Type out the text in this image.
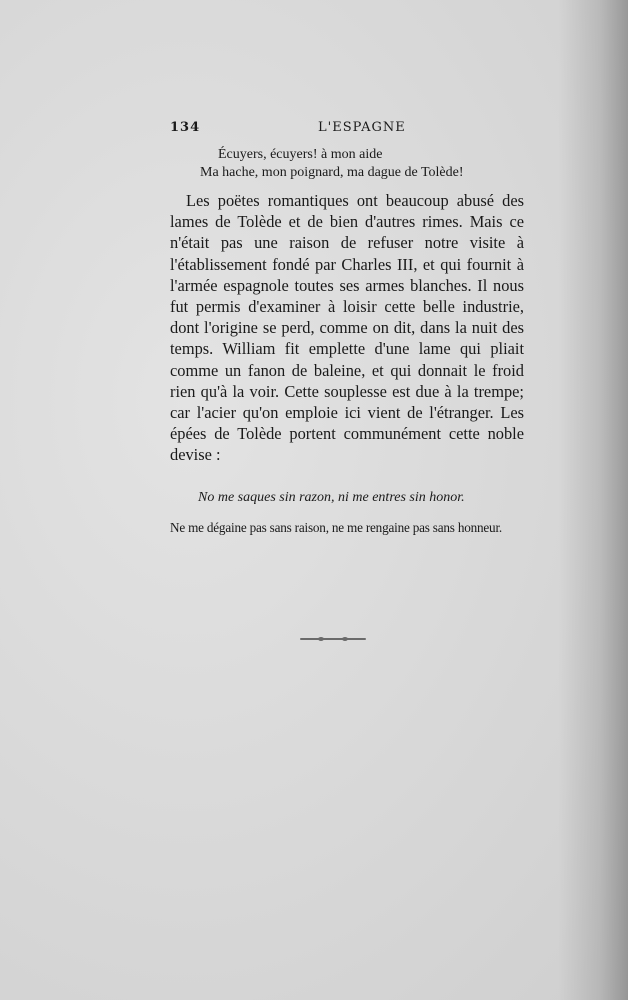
134	L'ESPAGNE
Écuyers, écuyers! à mon aide
Ma hache, mon poignard, ma dague de Tolède!

Les poëtes romantiques ont beaucoup abusé des lames de Tolède et de bien d'autres rimes. Mais ce n'était pas une raison de refuser notre visite à l'établissement fondé par Charles III, et qui fournit à l'armée espagnole toutes ses armes blanches. Il nous fut permis d'examiner à loisir cette belle industrie, dont l'origine se perd, comme on dit, dans la nuit des temps. William fit emplette d'une lame qui pliait comme un fanon de baleine, et qui donnait le froid rien qu'à la voir. Cette souplesse est due à la trempe; car l'acier qu'on emploie ici vient de l'étranger. Les épées de Tolède portent communément cette noble devise :

No me saques sin razon, ni me entres sin honor.
Ne me dégaine pas sans raison, ne me rengaine pas sans honneur.
